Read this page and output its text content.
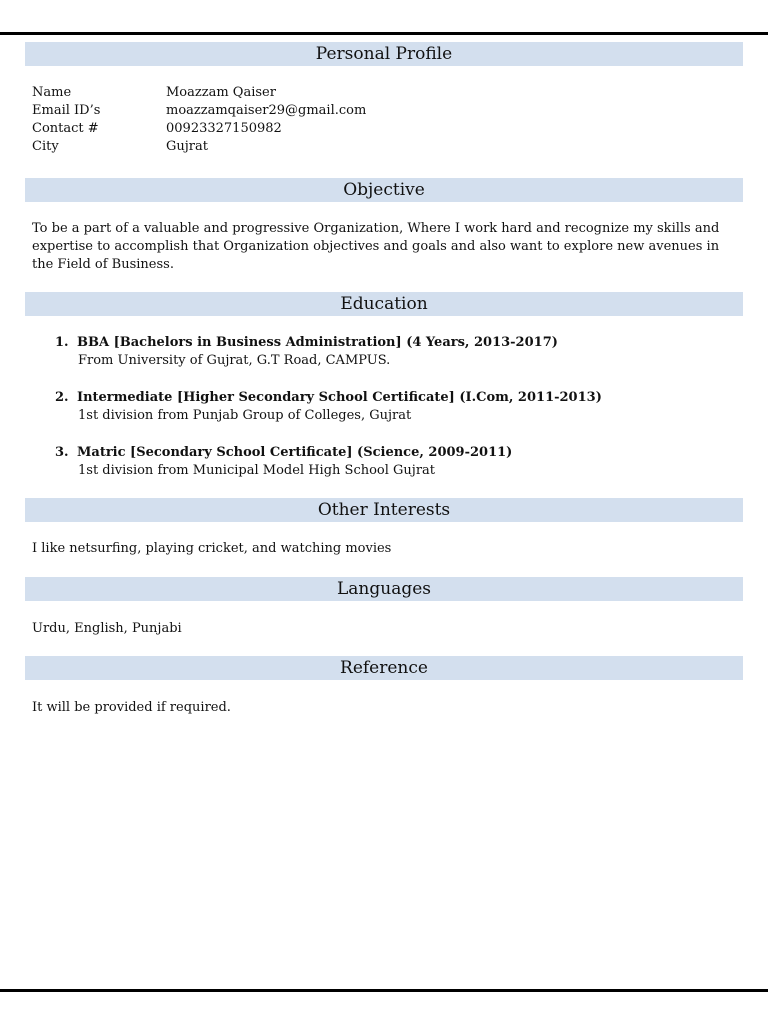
Personal Profile
Name	Moazzam Qaiser
Email ID’s	moazzamqaiser29@gmail.com
Contact #	00923327150982
City	Gujrat
Objective
To be a part of a valuable and progressive Organization, Where I work hard and recognize my skills and expertise to accomplish that Organization objectives and goals and also want to explore new avenues in the Field of Business.
Education
1. BBA [Bachelors in Business Administration] (4 Years, 2013-2017)
From University of Gujrat, G.T Road, CAMPUS.
2. Intermediate [Higher Secondary School Certificate] (I.Com, 2011-2013)
1st division from Punjab Group of Colleges, Gujrat
3. Matric [Secondary School Certificate] (Science, 2009-2011)
1st division from Municipal Model High School Gujrat
Other Interests
I like netsurfing, playing cricket, and watching movies
Languages
Urdu, English, Punjabi
Reference
It will be provided if required.
